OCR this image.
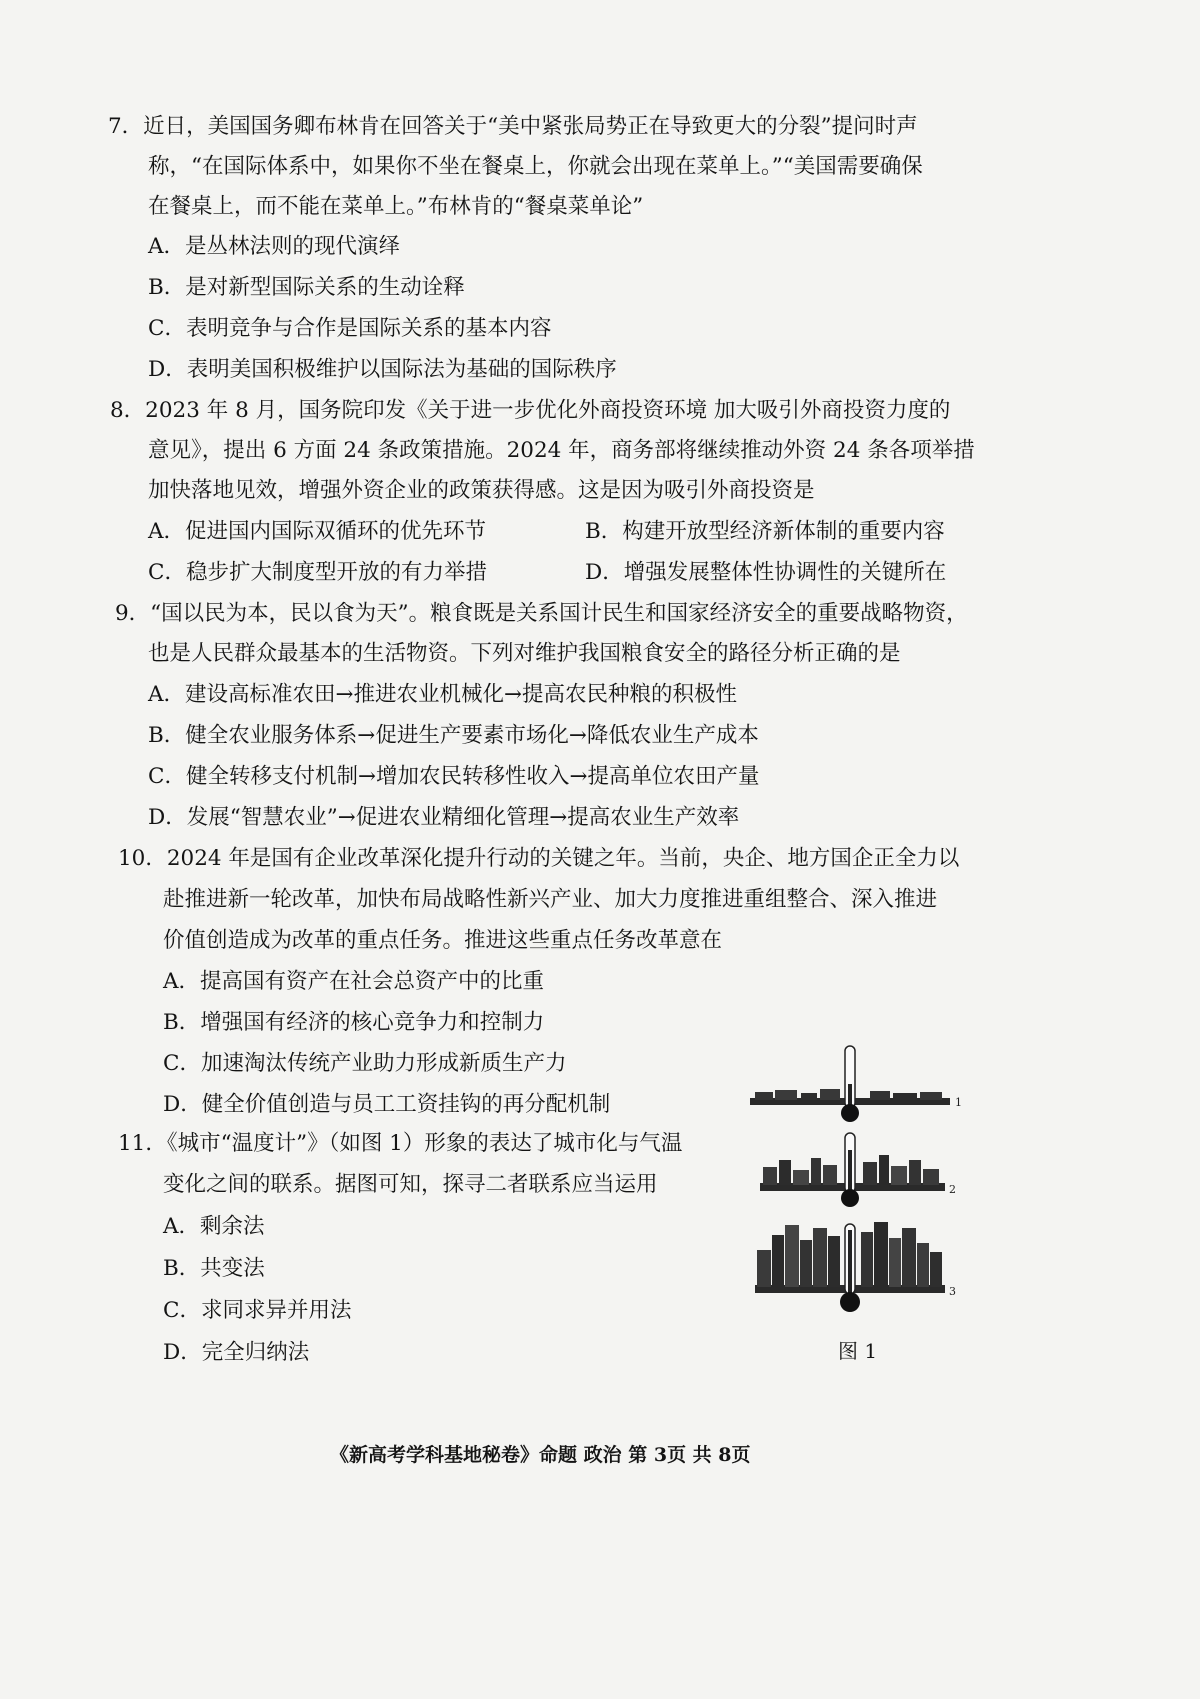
7．近日，美国国务卿布林肯在回答关于“美中紧张局势正在导致更大的分裂”提问时声
称，“在国际体系中，如果你不坐在餐桌上，你就会出现在菜单上。”“美国需要确保
在餐桌上，而不能在菜单上。”布林肯的“餐桌菜单论”
A．是丛林法则的现代演绎
B．是对新型国际关系的生动诠释
C．表明竞争与合作是国际关系的基本内容
D．表明美国积极维护以国际法为基础的国际秩序
8．2023 年 8 月，国务院印发《关于进一步优化外商投资环境 加大吸引外商投资力度的
意见》，提出 6 方面 24 条政策措施。2024 年，商务部将继续推动外资 24 条各项举措
加快落地见效，增强外资企业的政策获得感。这是因为吸引外商投资是
A．促进国内国际双循环的优先环节	B．构建开放型经济新体制的重要内容
C．稳步扩大制度型开放的有力举措	D．增强发展整体性协调性的关键所在
9．“国以民为本，民以食为天”。粮食既是关系国计民生和国家经济安全的重要战略物资，
也是人民群众最基本的生活物资。下列对维护我国粮食安全的路径分析正确的是
A．建设高标准农田→推进农业机械化→提高农民种粮的积极性
B．健全农业服务体系→促进生产要素市场化→降低农业生产成本
C．健全转移支付机制→增加农民转移性收入→提高单位农田产量
D．发展“智慧农业”→促进农业精细化管理→提高农业生产效率
10．2024 年是国有企业改革深化提升行动的关键之年。当前，央企、地方国企正全力以
赴推进新一轮改革，加快布局战略性新兴产业、加大力度推进重组整合、深入推进
价值创造成为改革的重点任务。推进这些重点任务改革意在
A．提高国有资产在社会总资产中的比重
B．增强国有经济的核心竞争力和控制力
C．加速淘汰传统产业助力形成新质生产力
D．健全价值创造与员工工资挂钩的再分配机制
11．《城市“温度计”》（如图 1）形象的表达了城市化与气温
变化之间的联系。据图可知，探寻二者联系应当运用
A．剩余法
B．共变法
C．求同求异并用法
D．完全归纳法
1
2
3
图 1
《新高考学科基地秘卷》命题 政治 第 3页 共 8页
